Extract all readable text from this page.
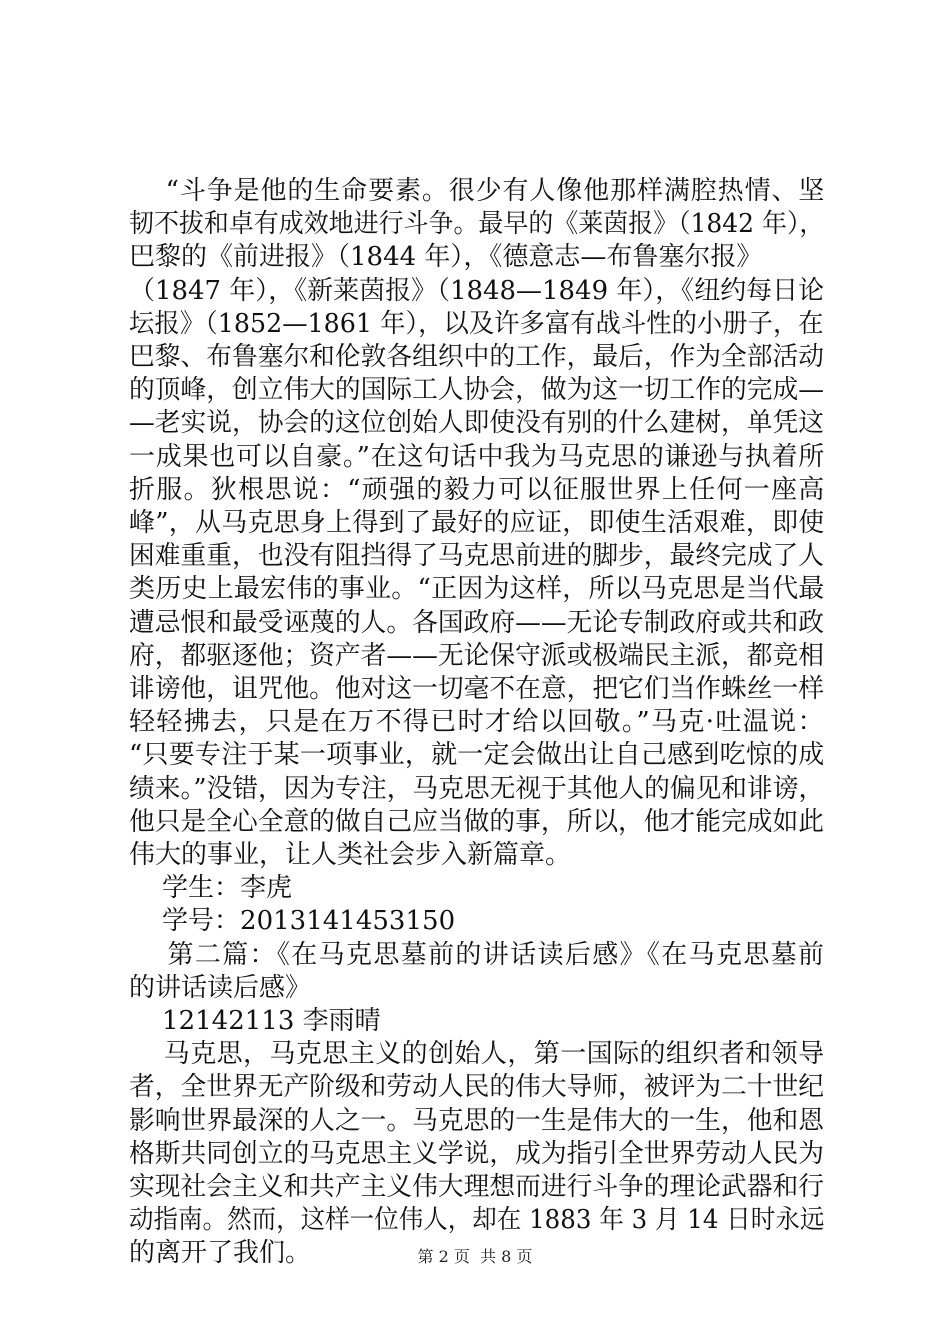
“斗争是他的生命要素。很少有人像他那样满腔热情、坚
韧不拔和卓有成效地进行斗争。最早的《莱茵报》（1842 年），
巴黎的《前进报》（1844 年），《德意志—布鲁塞尔报》
（1847 年），《新莱茵报》（1848—1849 年），《纽约每日论
坛报》（1852—1861 年），以及许多富有战斗性的小册子，在
巴黎、布鲁塞尔和伦敦各组织中的工作，最后，作为全部活动
的顶峰，创立伟大的国际工人协会，做为这一切工作的完成—
—老实说，协会的这位创始人即使没有别的什么建树，单凭这
一成果也可以自豪。”在这句话中我为马克思的谦逊与执着所
折服。狄根思说：“顽强的毅力可以征服世界上任何一座高
峰”，从马克思身上得到了最好的应证，即使生活艰难，即使
困难重重，也没有阻挡得了马克思前进的脚步，最终完成了人
类历史上最宏伟的事业。“正因为这样，所以马克思是当代最
遭忌恨和最受诬蔑的人。各国政府——无论专制政府或共和政
府，都驱逐他；资产者——无论保守派或极端民主派，都竞相
诽谤他，诅咒他。他对这一切毫不在意，把它们当作蛛丝一样
轻轻拂去，只是在万不得已时才给以回敬。”马克·吐温说：
“只要专注于某一项事业，就一定会做出让自己感到吃惊的成
绩来。”没错，因为专注，马克思无视于其他人的偏见和诽谤，
他只是全心全意的做自己应当做的事，所以，他才能完成如此
伟大的事业，让人类社会步入新篇章。
学生：李虎
学号：2013141453150
第二篇：《在马克思墓前的讲话读后感》《在马克思墓前
的讲话读后感》
12142113 李雨晴
马克思，马克思主义的创始人，第一国际的组织者和领导
者，全世界无产阶级和劳动人民的伟大导师，被评为二十世纪
影响世界最深的人之一。马克思的一生是伟大的一生，他和恩
格斯共同创立的马克思主义学说，成为指引全世界劳动人民为
实现社会主义和共产主义伟大理想而进行斗争的理论武器和行
动指南。然而，这样一位伟人，却在 1883 年 3 月 14 日时永远
的离开了我们。	第 2 页  共 8 页
